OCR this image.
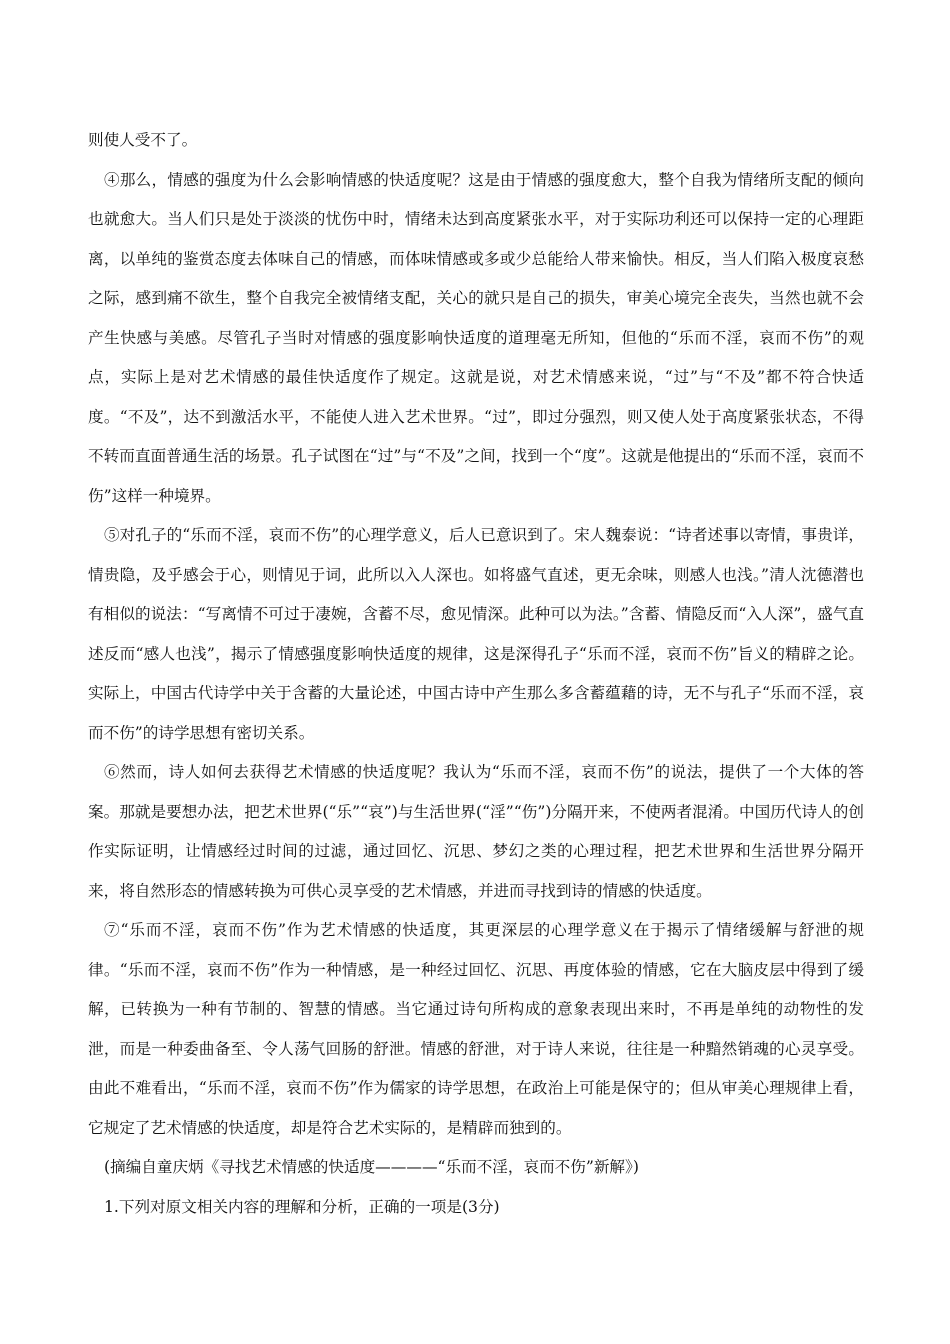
则使人受不了。

④那么，情感的强度为什么会影响情感的快适度呢？这是由于情感的强度愈大，整个自我为情绪所支配的倾向也就愈大。当人们只是处于淡淡的忧伤中时，情绪未达到高度紧张水平，对于实际功利还可以保持一定的心理距离，以单纯的鉴赏态度去体味自己的情感，而体味情感或多或少总能给人带来愉快。相反，当人们陷入极度哀愁之际，感到痛不欲生，整个自我完全被情绪支配，关心的就只是自己的损失，审美心境完全丧失，当然也就不会产生快感与美感。尽管孔子当时对情感的强度影响快适度的道理毫无所知，但他的“乐而不淫，哀而不伤”的观点，实际上是对艺术情感的最佳快适度作了规定。这就是说，对艺术情感来说，“过”与“不及”都不符合快适度。“不及”，达不到激活水平，不能使人进入艺术世界。“过”，即过分强烈，则又使人处于高度紧张状态，不得不转而直面普通生活的场景。孔子试图在“过”与“不及”之间，找到一个“度”。这就是他提出的“乐而不淫，哀而不伤”这样一种境界。

⑤对孔子的“乐而不淫，哀而不伤”的心理学意义，后人已意识到了。宋人魏泰说：“诗者述事以寄情，事贵详，情贵隐，及乎感会于心，则情见于词，此所以入人深也。如将盛气直述，更无余味，则感人也浅。”清人沈德潜也有相似的说法：“写离情不可过于凄婉，含蓄不尽，愈见情深。此种可以为法。”含蓄、情隐反而“入人深”，盛气直述反而“感人也浅”，揭示了情感强度影响快适度的规律，这是深得孔子“乐而不淫，哀而不伤”旨义的精辟之论。实际上，中国古代诗学中关于含蓄的大量论述，中国古诗中产生那么多含蓄蕴藉的诗，无不与孔子“乐而不淫，哀而不伤”的诗学思想有密切关系。

⑥然而，诗人如何去获得艺术情感的快适度呢？我认为“乐而不淫，哀而不伤”的说法，提供了一个大体的答案。那就是要想办法，把艺术世界(“乐”“哀”)与生活世界(“淫”“伤”)分隔开来，不使两者混淆。中国历代诗人的创作实际证明，让情感经过时间的过滤，通过回忆、沉思、梦幻之类的心理过程，把艺术世界和生活世界分隔开来，将自然形态的情感转换为可供心灵享受的艺术情感，并进而寻找到诗的情感的快适度。

⑦“乐而不淫，哀而不伤”作为艺术情感的快适度，其更深层的心理学意义在于揭示了情绪缓解与舒泄的规律。“乐而不淫，哀而不伤”作为一种情感，是一种经过回忆、沉思、再度体验的情感，它在大脑皮层中得到了缓解，已转换为一种有节制的、智慧的情感。当它通过诗句所构成的意象表现出来时，不再是单纯的动物性的发泄，而是一种委曲备至、令人荡气回肠的舒泄。情感的舒泄，对于诗人来说，往往是一种黯然销魂的心灵享受。由此不难看出，“乐而不淫，哀而不伤”作为儒家的诗学思想，在政治上可能是保守的；但从审美心理规律上看，它规定了艺术情感的快适度，却是符合艺术实际的，是精辟而独到的。

(摘编自童庆炳《寻找艺术情感的快适度————“乐而不淫，哀而不伤”新解》)

1.下列对原文相关内容的理解和分析，正确的一项是(3分)
